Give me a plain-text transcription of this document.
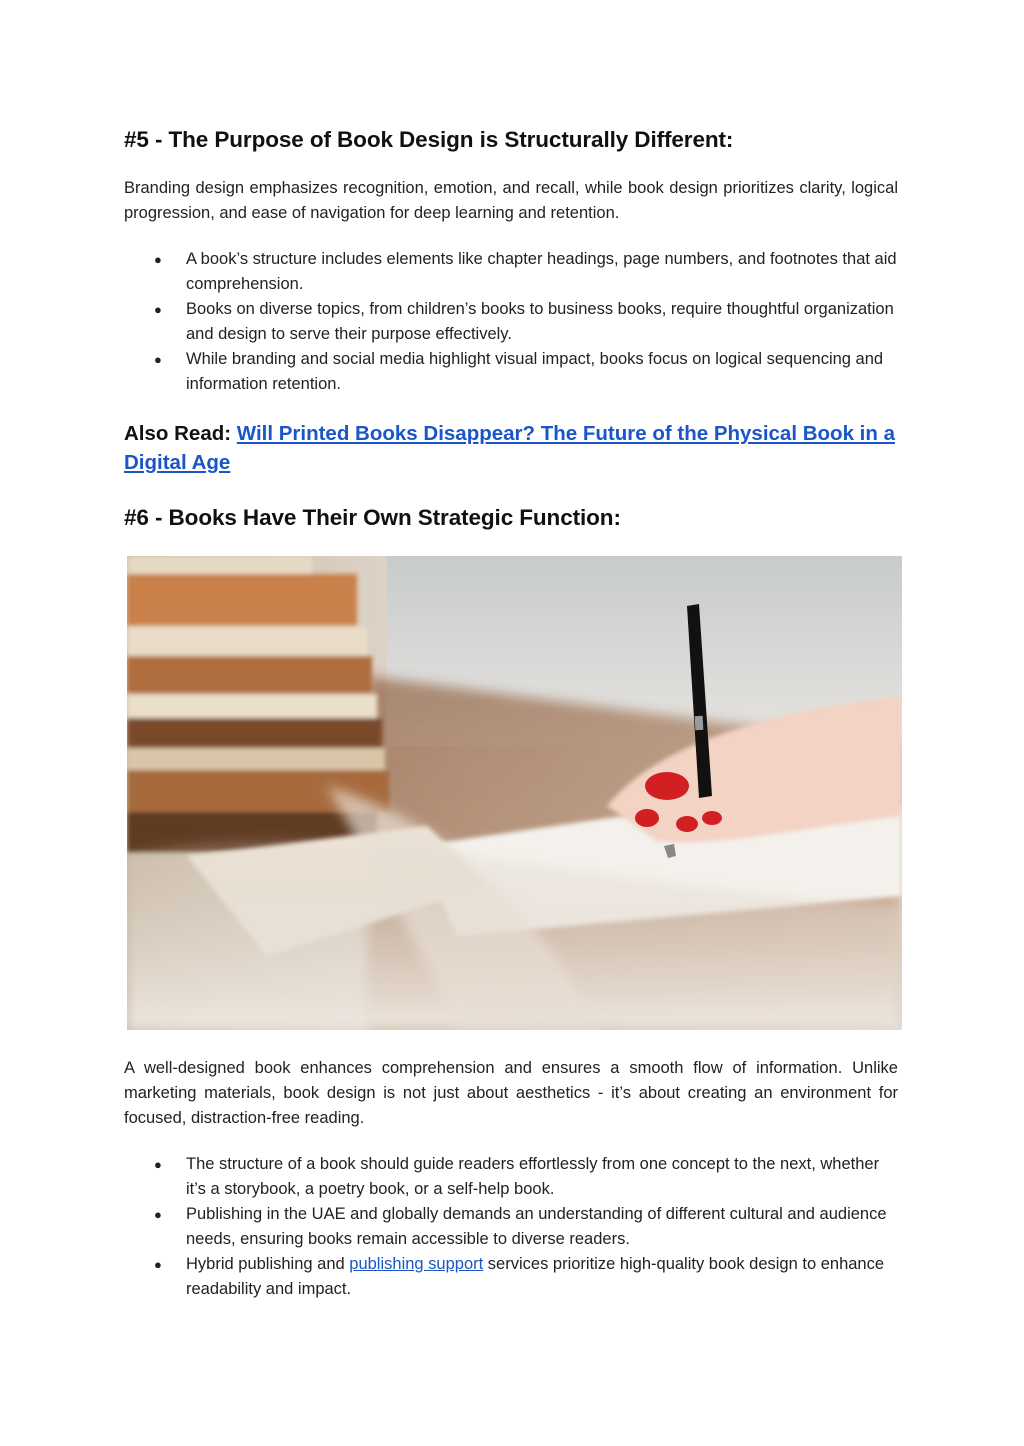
#5 - The Purpose of Book Design is Structurally Different:

Branding design emphasizes recognition, emotion, and recall, while book design prioritizes clarity, logical progression, and ease of navigation for deep learning and retention.

● A book’s structure includes elements like chapter headings, page numbers, and footnotes that aid comprehension.
● Books on diverse topics, from children’s books to business books, require thoughtful organization and design to serve their purpose effectively.
● While branding and social media highlight visual impact, books focus on logical sequencing and information retention.
Also Read: Will Printed Books Disappear? The Future of the Physical Book in a Digital Age
#6 - Books Have Their Own Strategic Function:

A well-designed book enhances comprehension and ensures a smooth flow of information. Unlike marketing materials, book design is not just about aesthetics - it’s about creating an environment for focused, distraction-free reading.

● The structure of a book should guide readers effortlessly from one concept to the next, whether it’s a storybook, a poetry book, or a self-help book.
● Publishing in the UAE and globally demands an understanding of different cultural and audience needs, ensuring books remain accessible to diverse readers.
● Hybrid publishing and publishing support services prioritize high-quality book design to enhance readability and impact.
